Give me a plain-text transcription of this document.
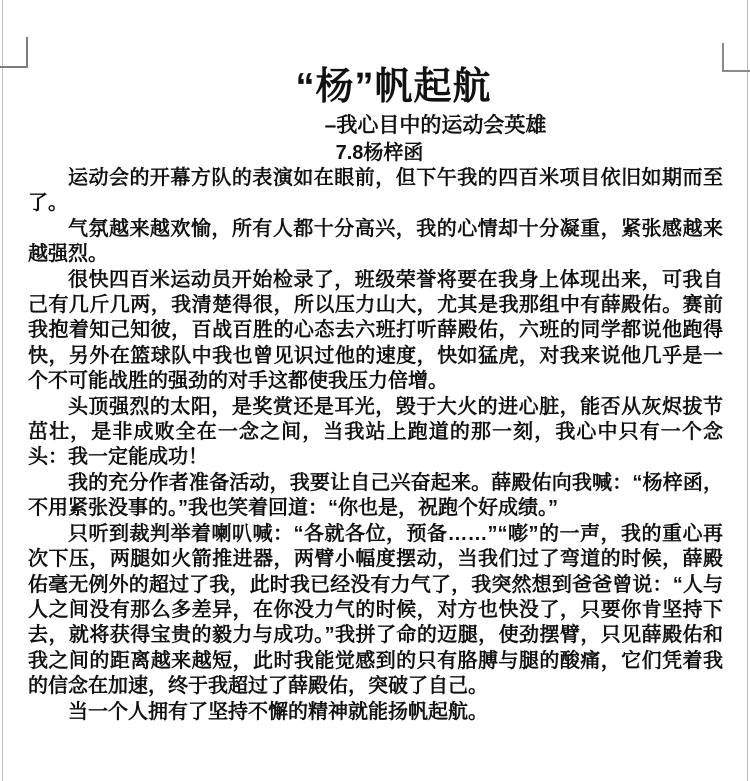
“杨”帆起航
–我心目中的运动会英雄
7.8杨梓函

运动会的开幕方队的表演如在眼前，但下午我的四百米项目依旧如期而至了。

气氛越来越欢愉，所有人都十分高兴，我的心情却十分凝重，紧张感越来越强烈。

很快四百米运动员开始检录了，班级荣誉将要在我身上体现出来，可我自己有几斤几两，我清楚得很，所以压力山大，尤其是我那组中有薛殿佑。赛前我抱着知己知彼，百战百胜的心态去六班打听薛殿佑，六班的同学都说他跑得快，另外在篮球队中我也曾见识过他的速度，快如猛虎，对我来说他几乎是一个不可能战胜的强劲的对手这都使我压力倍增。

头顶强烈的太阳，是奖赏还是耳光，毁于大火的进心脏，能否从灰烬拔节茁壮，是非成败全在一念之间，当我站上跑道的那一刻，我心中只有一个念头：我一定能成功！

我的充分作者准备活动，我要让自己兴奋起来。薛殿佑向我喊：“杨梓函，不用紧张没事的。”我也笑着回道：“你也是，祝跑个好成绩。”

只听到裁判举着喇叭喊：“各就各位，预备……”“嘭”的一声，我的重心再次下压，两腿如火箭推进器，两臂小幅度摆动，当我们过了弯道的时候，薛殿佑毫无例外的超过了我，此时我已经没有力气了，我突然想到爸爸曾说：“人与人之间没有那么多差异，在你没力气的时候，对方也快没了，只要你肯坚持下去，就将获得宝贵的毅力与成功。”我拼了命的迈腿，使劲摆臂，只见薛殿佑和我之间的距离越来越短，此时我能觉感到的只有胳膊与腿的酸痛，它们凭着我的信念在加速，终于我超过了薛殿佑，突破了自己。

当一个人拥有了坚持不懈的精神就能扬帆起航。
